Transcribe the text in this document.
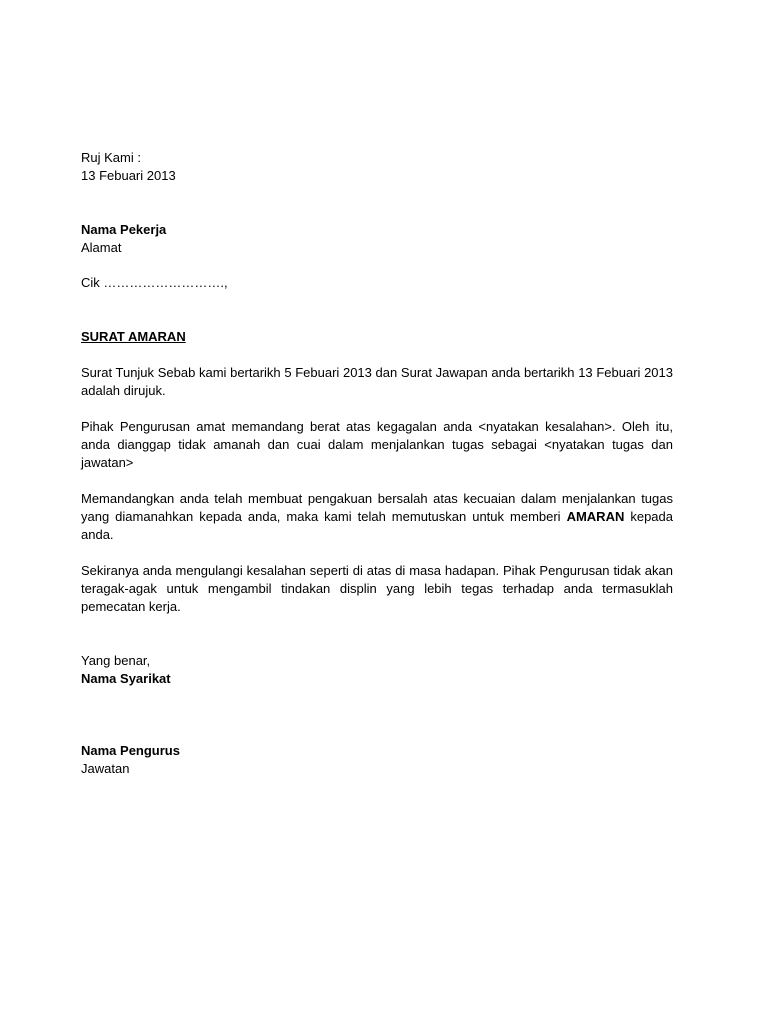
Ruj Kami :
13 Febuari 2013
Nama Pekerja
Alamat
Cik ……………………….,
SURAT AMARAN

Surat Tunjuk Sebab kami bertarikh 5 Febuari 2013 dan Surat Jawapan anda bertarikh 13 Febuari 2013 adalah dirujuk.

Pihak Pengurusan amat memandang berat atas kegagalan anda <nyatakan kesalahan>. Oleh itu, anda dianggap tidak amanah dan cuai dalam menjalankan tugas sebagai <nyatakan tugas dan jawatan>

Memandangkan anda telah membuat pengakuan bersalah atas kecuaian dalam menjalankan tugas yang diamanahkan kepada anda, maka kami telah memutuskan untuk memberi AMARAN kepada anda.

Sekiranya anda mengulangi kesalahan seperti di atas di masa hadapan. Pihak Pengurusan tidak akan teragak-agak untuk mengambil tindakan displin yang lebih tegas terhadap anda termasuklah pemecatan kerja.

Yang benar,
Nama Syarikat
Nama Pengurus
Jawatan
